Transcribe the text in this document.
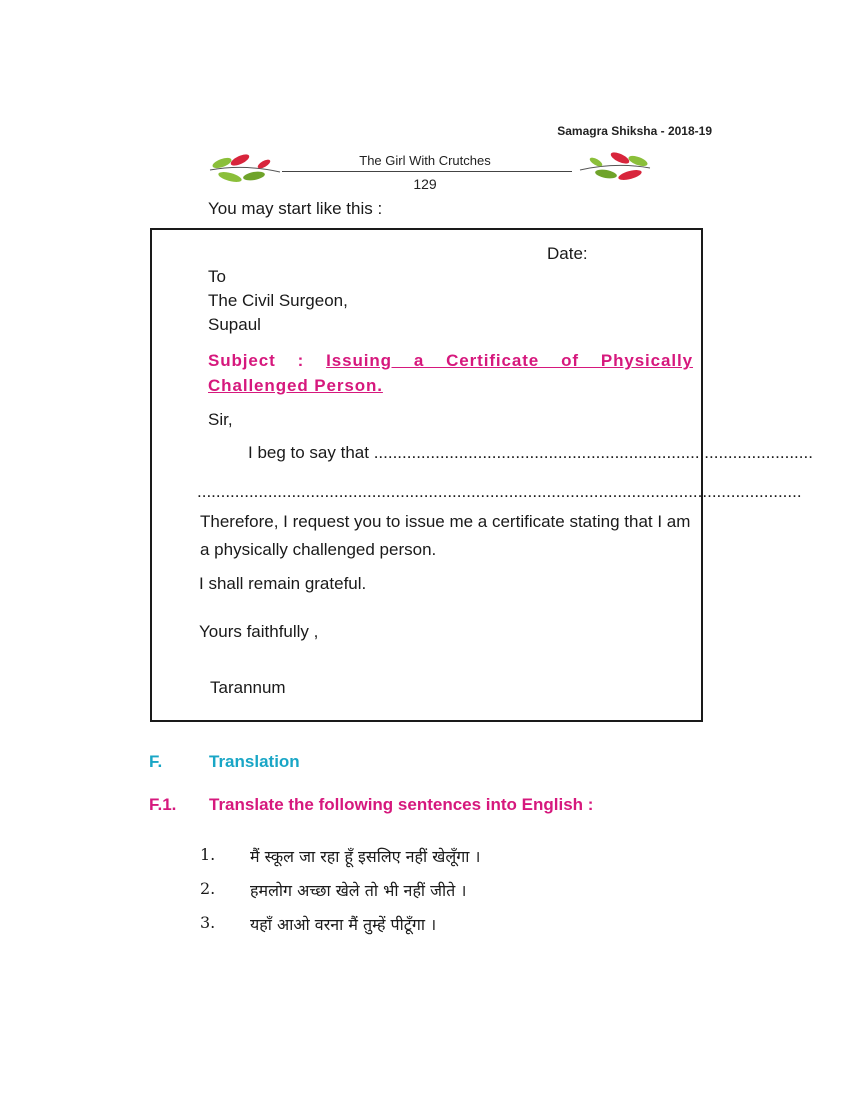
Samagra Shiksha - 2018-19
The Girl With Crutches
129
You may start like this :
Date:
To
The Civil Surgeon,
Supaul
Subject : Issuing a Certificate of Physically Challenged Person.
Sir,
I beg to say that .............................................................................................
................................................................................................................................
Therefore, I request you to issue me a certificate stating that I am a physically challenged person.
I shall remain grateful.
Yours faithfully ,
Tarannum
F.	Translation
F.1. Translate the following sentences into English :
1. मैं स्कूल जा रहा हूँ इसलिए नहीं खेलूँगा ।
2. हमलोग अच्छा खेले तो भी नहीं जीते ।
3. यहाँ आओ वरना मैं तुम्हें पीटूँगा ।
